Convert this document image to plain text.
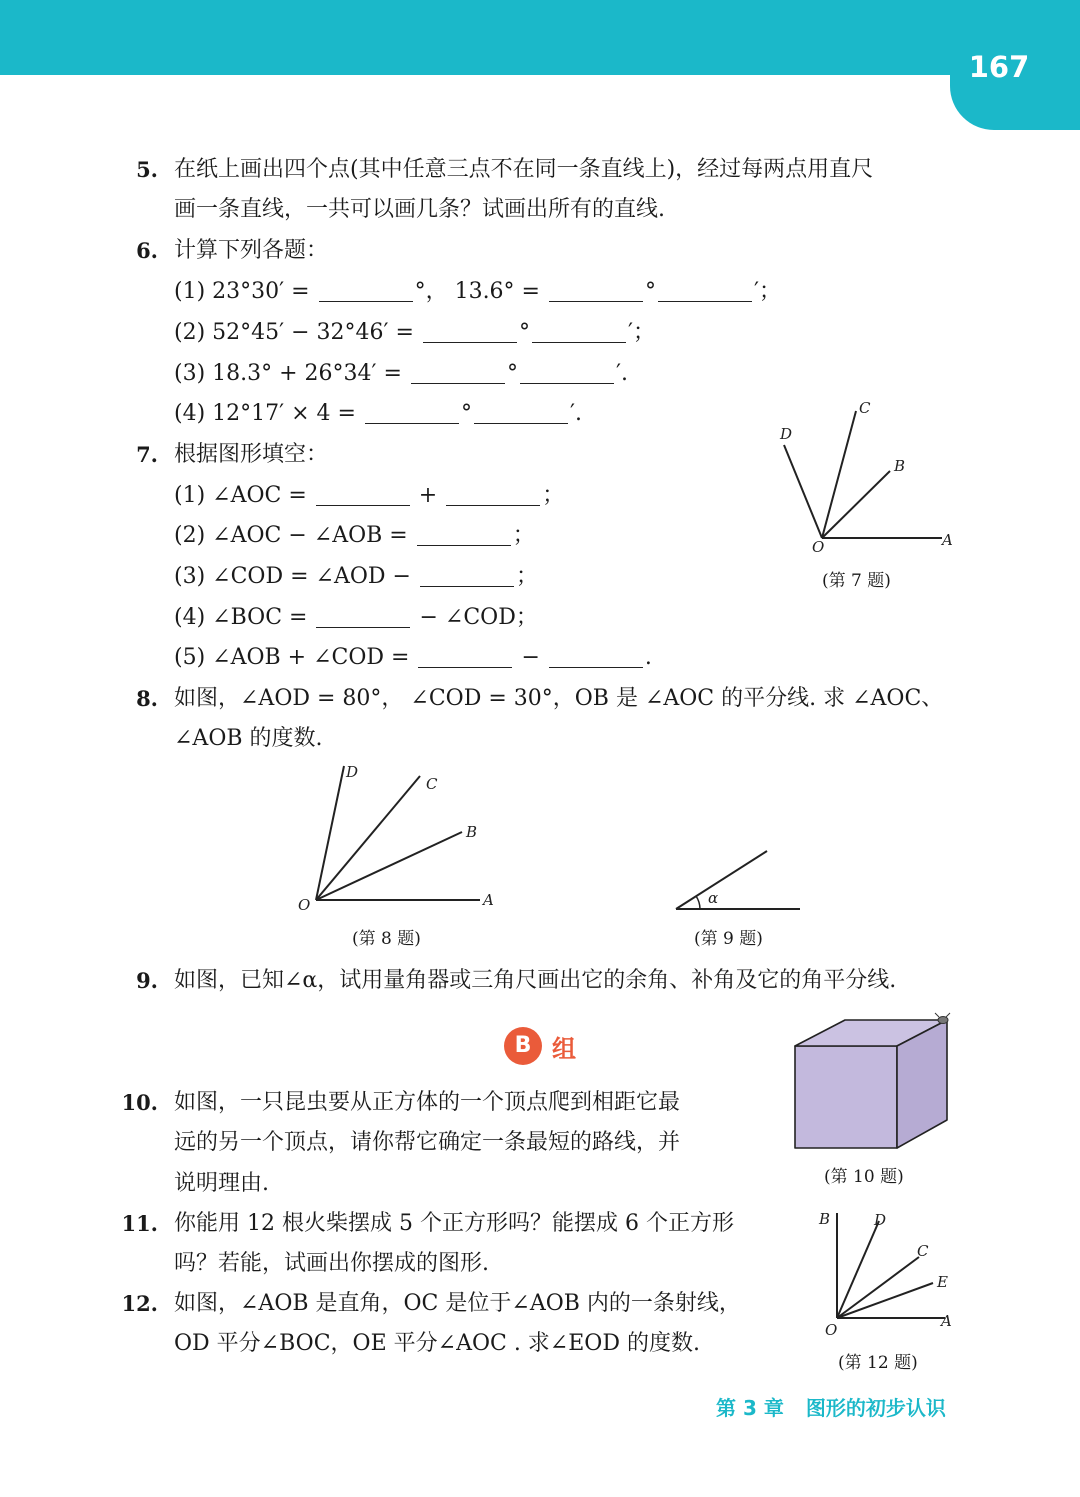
167
5. 在纸上画出四个点(其中任意三点不在同一条直线上)，经过每两点用直尺
画一条直线，一共可以画几条？试画出所有的直线.
6. 计算下列各题：
(1) 23°30′ =	°， 13.6° =	°	′；
(2) 52°45′ − 32°46′ =	°	′；
(3) 18.3° + 26°34′ =	°	′.
(4) 12°17′ × 4 =	°	′.
7. 根据图形填空：
(1) ∠AOC =	+	；
(2) ∠AOC − ∠AOB =	；
(3) ∠COD = ∠AOD −	；
(4) ∠BOC =	− ∠COD；
(5) ∠AOB + ∠COD =	−	.
O	A
B
C
D
(第 7 题)
8. 如图，∠AOD = 80°， ∠COD = 30°，OB 是 ∠AOC 的平分线. 求 ∠AOC、
∠AOB 的度数.
O	A
B
C
D
(第 8 题)
α
(第 9 题)
9. 如图，已知∠α，试用量角器或三角尺画出它的余角、补角及它的角平分线.
B 组
(第 10 题)
10. 如图，一只昆虫要从正方体的一个顶点爬到相距它最
远的另一个顶点，请你帮它确定一条最短的路线，并
说明理由.
11. 你能用 12 根火柴摆成 5 个正方形吗？能摆成 6 个正方形
吗？若能，试画出你摆成的图形.
12. 如图，∠AOB 是直角，OC 是位于∠AOB 内的一条射线，
OD 平分∠BOC，OE 平分∠AOC . 求∠EOD 的度数.
O	A
B
C
D
E
(第 12 题)
第 3 章 图形的初步认识
